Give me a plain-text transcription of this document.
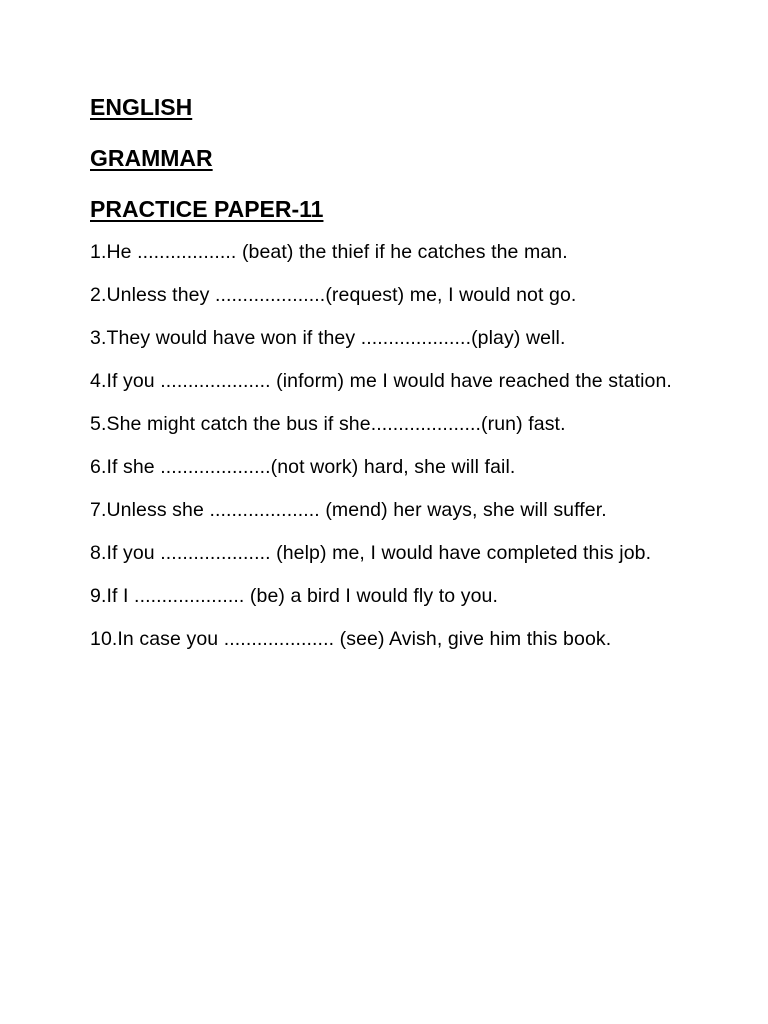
ENGLISH
GRAMMAR
PRACTICE PAPER-11
1.He .................. (beat) the thief if he catches the man.
2.Unless they ....................(request) me, I would not go.
3.They would have won if they ....................(play) well.
4.If you .................... (inform) me I would have reached the station.
5.She might catch the bus if she....................(run) fast.
6.If she ....................(not work) hard, she will fail.
7.Unless she .................... (mend) her ways, she will suffer.
8.If you .................... (help) me, I would have completed this job.
9.If I .................... (be) a bird I would fly to you.
10.In case you .................... (see) Avish, give him this book.
